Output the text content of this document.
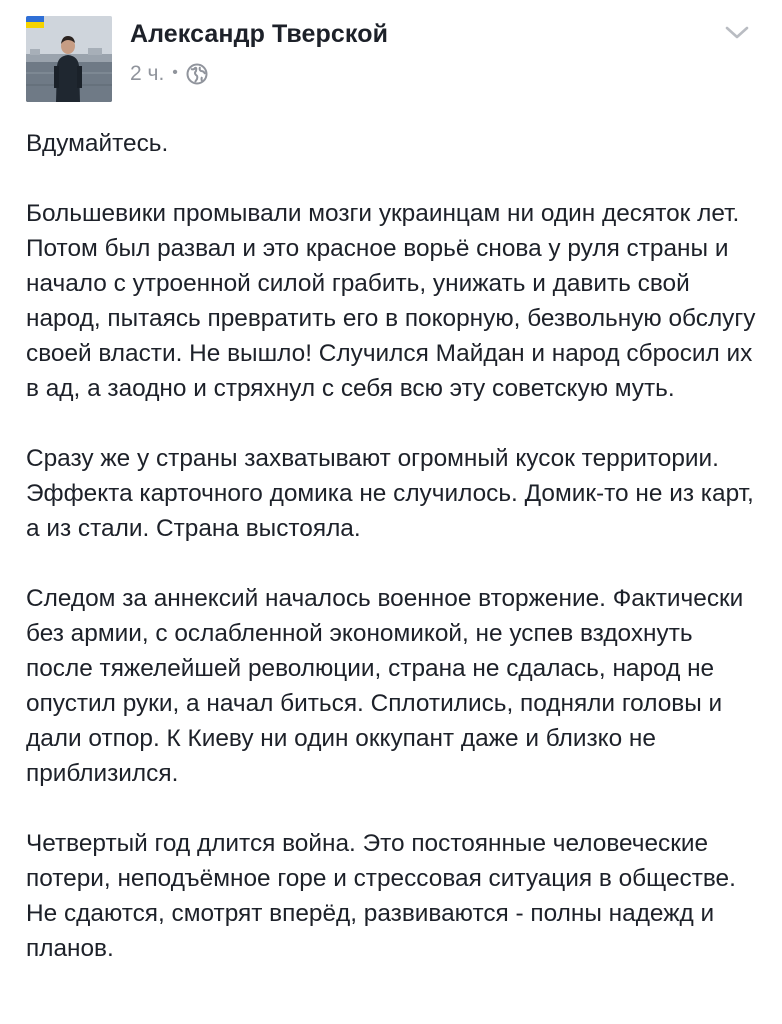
Александр Тверской
2 ч. •

Вдумайтесь.

Большевики промывали мозги украинцам ни один десяток лет. Потом был развал и это красное ворьё снова у руля страны и начало с утроенной силой грабить, унижать и давить свой народ, пытаясь превратить его в покорную, безвольную обслугу своей власти. Не вышло! Случился Майдан и народ сбросил их в ад, а заодно и стряхнул с себя всю эту советскую муть.

Сразу же у страны захватывают огромный кусок территории. Эффекта карточного домика не случилось. Домик-то не из карт, а из стали. Страна выстояла.

Следом за аннексий началось военное вторжение. Фактически без армии, с ослабленной экономикой, не успев вздохнуть после тяжелейшей революции, страна не сдалась, народ не опустил руки, а начал биться. Сплотились, подняли головы и дали отпор. К Киеву ни один оккупант даже и близко не приблизился.

Четвертый год длится война. Это постоянные человеческие потери, неподъёмное горе и стрессовая ситуация в обществе. Не сдаются, смотрят вперёд, развиваются - полны надежд и планов.
